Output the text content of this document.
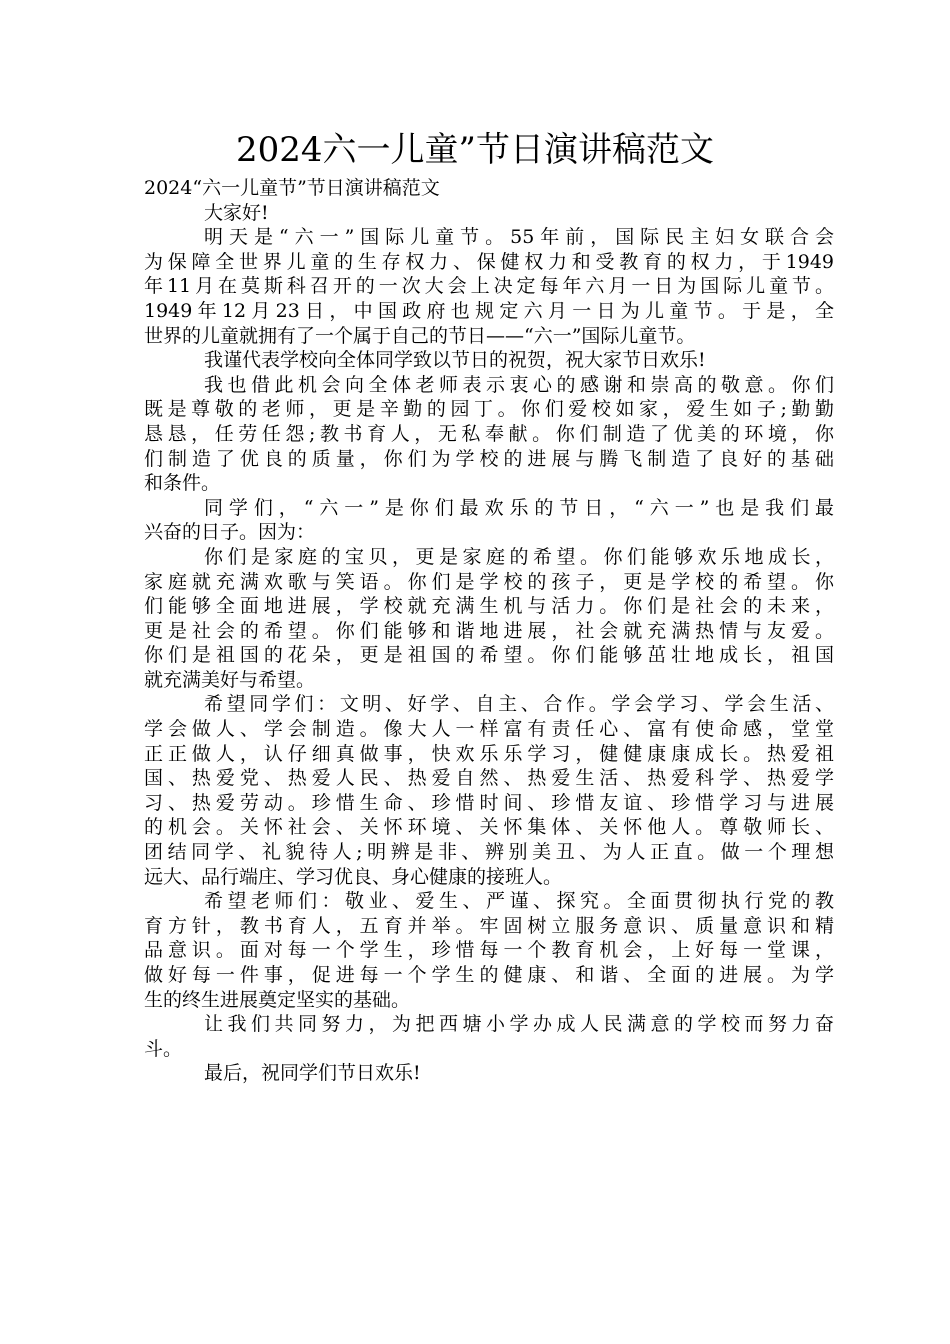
2024六一儿童”节日演讲稿范文
2024“六一儿童节”节日演讲稿范文
大家好!
明天是“六一”国际儿童节。55年前，国际民主妇女联合会
为保障全世界儿童的生存权力、保健权力和受教育的权力，于1949
年11月在莫斯科召开的一次大会上决定每年六月一日为国际儿童节。
1949年12月23日，中国政府也规定六月一日为儿童节。于是，全
世界的儿童就拥有了一个属于自己的节日——“六一”国际儿童节。
我谨代表学校向全体同学致以节日的祝贺，祝大家节日欢乐!
我也借此机会向全体老师表示衷心的感谢和崇高的敬意。你们
既是尊敬的老师，更是辛勤的园丁。你们爱校如家，爱生如子;勤勤
恳恳，任劳任怨;教书育人，无私奉献。你们制造了优美的环境，你
们制造了优良的质量，你们为学校的进展与腾飞制造了良好的基础
和条件。
同学们，“六一”是你们最欢乐的节日，“六一”也是我们最
兴奋的日子。因为：
你们是家庭的宝贝，更是家庭的希望。你们能够欢乐地成长，
家庭就充满欢歌与笑语。你们是学校的孩子，更是学校的希望。你
们能够全面地进展，学校就充满生机与活力。你们是社会的未来，
更是社会的希望。你们能够和谐地进展，社会就充满热情与友爱。
你们是祖国的花朵，更是祖国的希望。你们能够茁壮地成长，祖国
就充满美好与希望。
希望同学们：文明、好学、自主、合作。学会学习、学会生活、
学会做人、学会制造。像大人一样富有责任心、富有使命感，堂堂
正正做人，认仔细真做事，快欢乐乐学习，健健康康成长。热爱祖
国、热爱党、热爱人民、热爱自然、热爱生活、热爱科学、热爱学
习、热爱劳动。珍惜生命、珍惜时间、珍惜友谊、珍惜学习与进展
的机会。关怀社会、关怀环境、关怀集体、关怀他人。尊敬师长、
团结同学、礼貌待人;明辨是非、辨别美丑、为人正直。做一个理想
远大、品行端庄、学习优良、身心健康的接班人。
希望老师们：敬业、爱生、严谨、探究。全面贯彻执行党的教
育方针，教书育人，五育并举。牢固树立服务意识、质量意识和精
品意识。面对每一个学生，珍惜每一个教育机会，上好每一堂课，
做好每一件事，促进每一个学生的健康、和谐、全面的进展。为学
生的终生进展奠定坚实的基础。
让我们共同努力，为把西塘小学办成人民满意的学校而努力奋
斗。
最后，祝同学们节日欢乐!
